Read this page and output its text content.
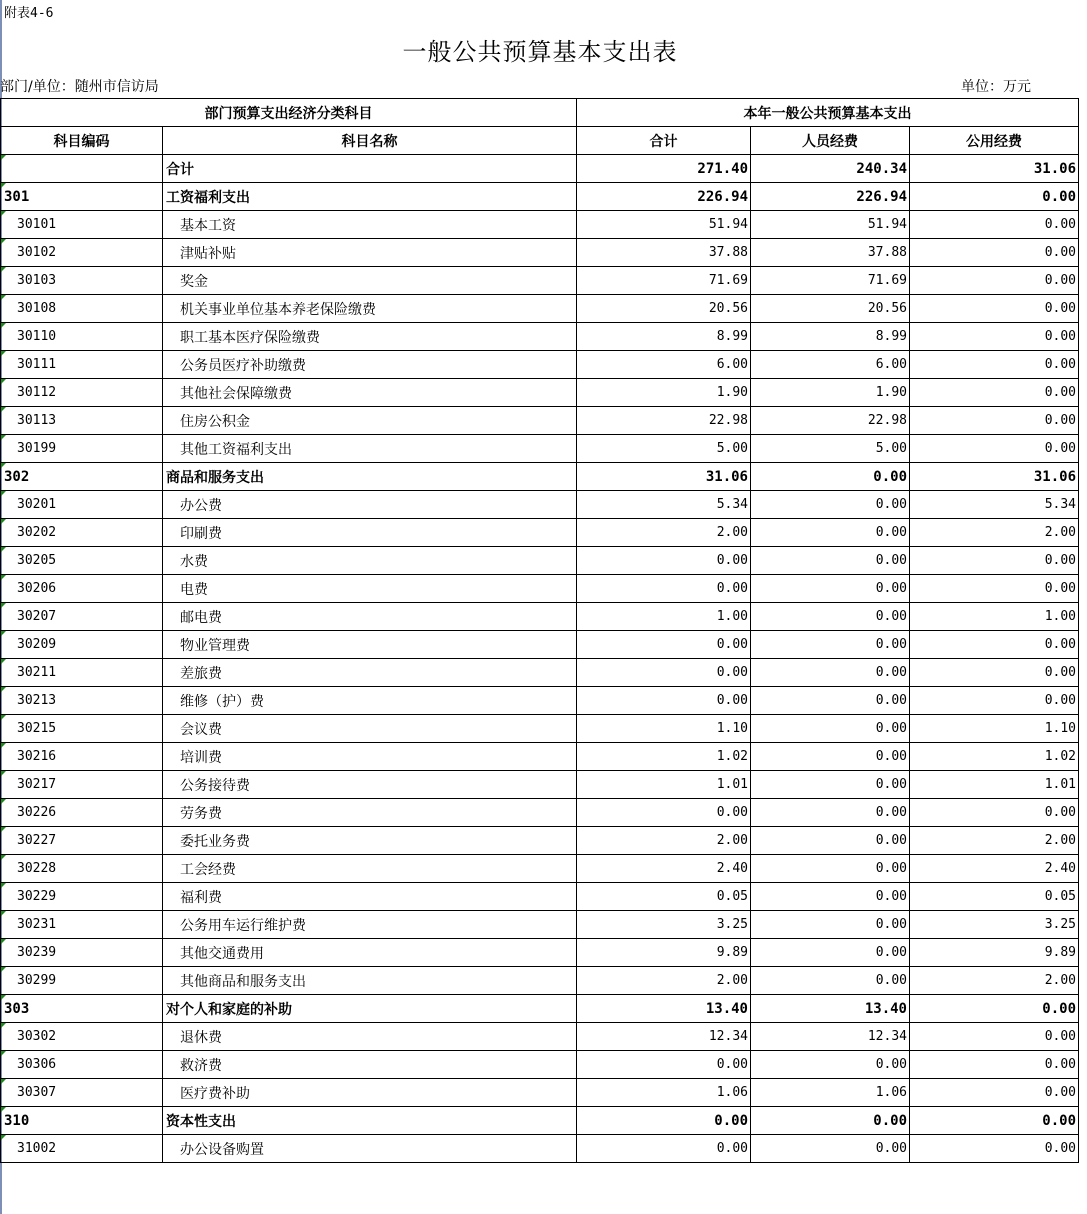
附表4-6
一般公共预算基本支出表
部门/单位：随州市信访局	单位：万元
部门预算支出经济分类科目		本年一般公共预算基本支出		
科目编码	科目名称	合计	人员经费	公用经费
	合计	271.40	240.34	31.06
301	工资福利支出	226.94	226.94	0.00
30101	基本工资	51.94	51.94	0.00
30102	津贴补贴	37.88	37.88	0.00
30103	奖金	71.69	71.69	0.00
30108	机关事业单位基本养老保险缴费	20.56	20.56	0.00
30110	职工基本医疗保险缴费	8.99	8.99	0.00
30111	公务员医疗补助缴费	6.00	6.00	0.00
30112	其他社会保障缴费	1.90	1.90	0.00
30113	住房公积金	22.98	22.98	0.00
30199	其他工资福利支出	5.00	5.00	0.00
302	商品和服务支出	31.06	0.00	31.06
30201	办公费	5.34	0.00	5.34
30202	印刷费	2.00	0.00	2.00
30205	水费	0.00	0.00	0.00
30206	电费	0.00	0.00	0.00
30207	邮电费	1.00	0.00	1.00
30209	物业管理费	0.00	0.00	0.00
30211	差旅费	0.00	0.00	0.00
30213	维修（护）费	0.00	0.00	0.00
30215	会议费	1.10	0.00	1.10
30216	培训费	1.02	0.00	1.02
30217	公务接待费	1.01	0.00	1.01
30226	劳务费	0.00	0.00	0.00
30227	委托业务费	2.00	0.00	2.00
30228	工会经费	2.40	0.00	2.40
30229	福利费	0.05	0.00	0.05
30231	公务用车运行维护费	3.25	0.00	3.25
30239	其他交通费用	9.89	0.00	9.89
30299	其他商品和服务支出	2.00	0.00	2.00
303	对个人和家庭的补助	13.40	13.40	0.00
30302	退休费	12.34	12.34	0.00
30306	救济费	0.00	0.00	0.00
30307	医疗费补助	1.06	1.06	0.00
310	资本性支出	0.00	0.00	0.00
31002	办公设备购置	0.00	0.00	0.00
